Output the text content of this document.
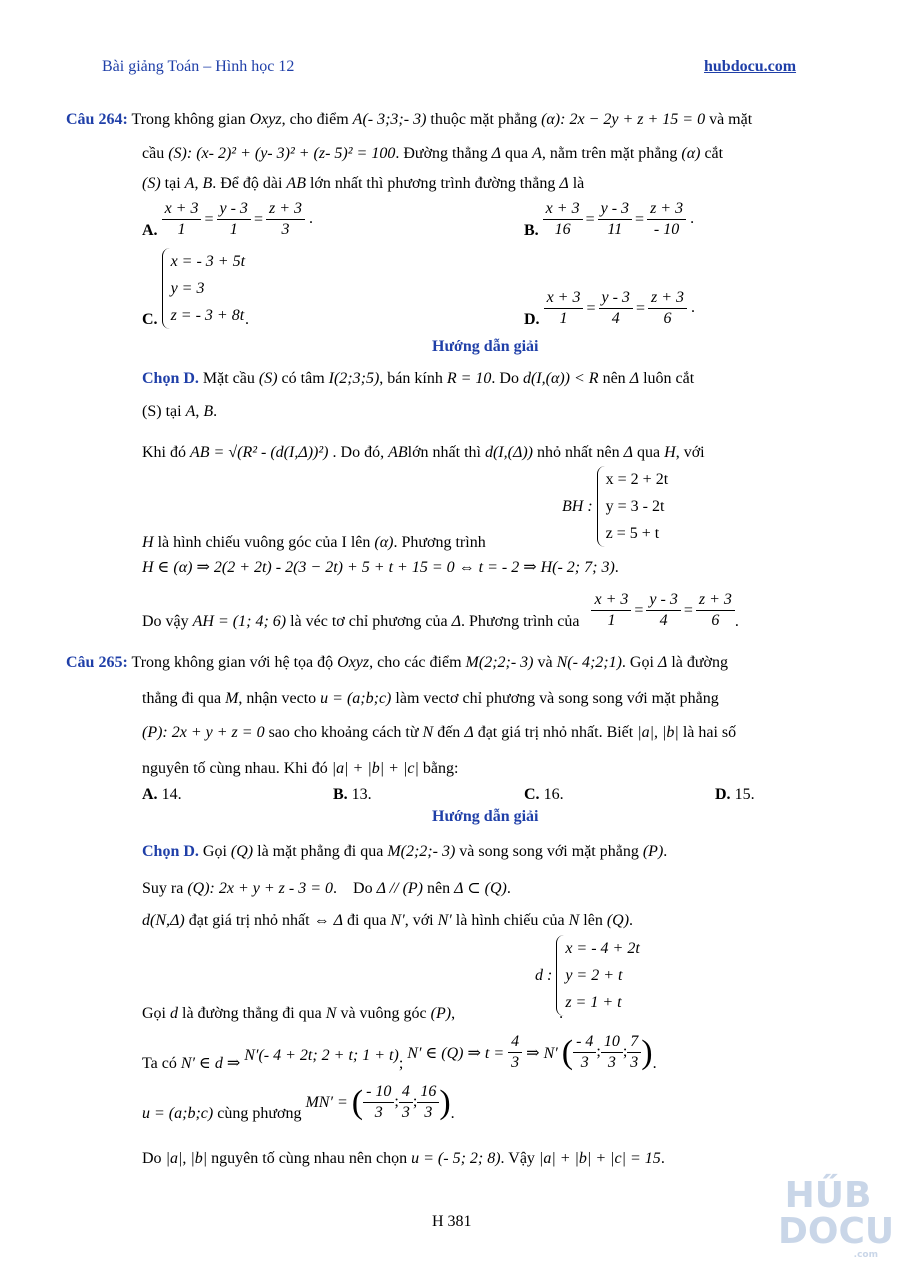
Bài giảng Toán – Hình học 12	hubdocu.com
Câu 264: Trong không gian Oxyz, cho điểm A(- 3;3;- 3) thuộc mặt phẳng (α): 2x − 2y + z + 15 = 0 và mặt
cầu (S): (x- 2)² + (y- 3)² + (z- 5)² = 100. Đường thẳng Δ qua A, nằm trên mặt phẳng (α) cắt
(S) tại A, B. Để độ dài AB lớn nhất thì phương trình đường thẳng Δ là
A. $\frac{x + 3}{1} = \frac{y - 3}{1} = \frac{z + 3}{3}$ .
B. $\frac{x + 3}{16} = \frac{y - 3}{11} = \frac{z + 3}{- 10}$ .
C.
x = - 3 + 5t
y = 3
z = - 3 + 8t .	D. $\frac{x + 3}{1} = \frac{y - 3}{4} = \frac{z + 3}{6}$ .
Hướng dẫn giải
Chọn D. Mặt cầu (S) có tâm I(2;3;5), bán kính R = 10. Do d(I,(α)) < R nên Δ luôn cắt
(S) tại A, B.
Khi đó AB = √(R² - (d(I,Δ))²) . Do đó, ABlớn nhất thì d(I,(Δ)) nhỏ nhất nên Δ qua H, với
BH :
x = 2 + 2t
y = 3 - 2t
z = 5 + t
H là hình chiếu vuông góc của I lên (α). Phương trình
H ∈ (α) ⇒ 2(2 + 2t) - 2(3 − 2t) + 5 + t + 15 = 0 ⇔ t = - 2 ⇒ H(- 2; 7; 3).
Do vậy AH = (1; 4; 6) là véc tơ chỉ phương của Δ. Phương trình của $\frac{x + 3}{1} = \frac{y - 3}{4} = \frac{z + 3}{6}$ .
Câu 265: Trong không gian với hệ tọa độ Oxyz, cho các điểm M(2;2;- 3) và N(- 4;2;1). Gọi Δ là đường
thẳng đi qua M, nhận vecto u = (a;b;c) làm vectơ chỉ phương và song song với mặt phẳng
(P): 2x + y + z = 0 sao cho khoảng cách từ N đến Δ đạt giá trị nhỏ nhất. Biết |a|, |b| là hai số
nguyên tố cùng nhau. Khi đó |a| + |b| + |c| bằng:
A. 14.	B. 13.	C. 16.	D. 15.
Hướng dẫn giải
Chọn D. Gọi (Q) là mặt phẳng đi qua M(2;2;- 3) và song song với mặt phẳng (P).
Suy ra (Q): 2x + y + z - 3 = 0. Do Δ // (P) nên Δ ⊂ (Q).
d(N,Δ) đạt giá trị nhỏ nhất ⇔ Δ đi qua N′, với N′ là hình chiếu của N lên (Q).
d :
x = - 4 + 2t
y = 2 + t
z = 1 + t
Gọi d là đường thẳng đi qua N và vuông góc (P),	.
Ta có N′ ∈ d ⇒ N′(- 4 + 2t; 2 + t; 1 + t); N′ ∈ (Q) ⇒ $t = \frac{4}{3}$ ⇒ N′ ( $\frac{- 4}{3}$ ; $\frac{10}{3}$ ; $\frac{7}{3}$ ).
u = (a;b;c) cùng phương MN′ = ( $\frac{- 10}{3}$ ; $\frac{4}{3}$ ; $\frac{16}{3}$ ).
Do |a|, |b| nguyên tố cùng nhau nên chọn u = (- 5; 2; 8). Vậy |a| + |b| + |c| = 15.
H 381
HŰB
DOCU
.com
